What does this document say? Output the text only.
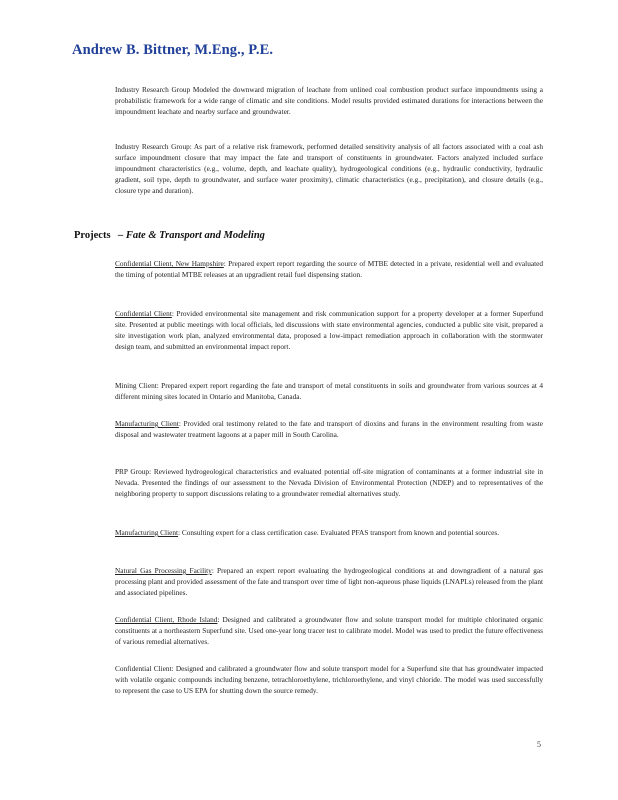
Andrew B. Bittner, M.Eng., P.E.
Industry Research Group Modeled the downward migration of leachate from unlined coal combustion product surface impoundments using a probabilistic framework for a wide range of climatic and site conditions. Model results provided estimated durations for interactions between the impoundment leachate and nearby surface and groundwater.
Industry Research Group: As part of a relative risk framework, performed detailed sensitivity analysis of all factors associated with a coal ash surface impoundment closure that may impact the fate and transport of constituents in groundwater. Factors analyzed included surface impoundment characteristics (e.g., volume, depth, and leachate quality), hydrogeological conditions (e.g., hydraulic conductivity, hydraulic gradient, soil type, depth to groundwater, and surface water proximity), climatic characteristics (e.g., precipitation), and closure details (e.g., closure type and duration).
Projects – Fate & Transport and Modeling
Confidential Client, New Hampshire: Prepared expert report regarding the source of MTBE detected in a private, residential well and evaluated the timing of potential MTBE releases at an upgradient retail fuel dispensing station.
Confidential Client: Provided environmental site management and risk communication support for a property developer at a former Superfund site. Presented at public meetings with local officials, led discussions with state environmental agencies, conducted a public site visit, prepared a site investigation work plan, analyzed environmental data, proposed a low-impact remediation approach in collaboration with the stormwater design team, and submitted an environmental impact report.
Mining Client: Prepared expert report regarding the fate and transport of metal constituents in soils and groundwater from various sources at 4 different mining sites located in Ontario and Manitoba, Canada.
Manufacturing Client: Provided oral testimony related to the fate and transport of dioxins and furans in the environment resulting from waste disposal and wastewater treatment lagoons at a paper mill in South Carolina.
PRP Group: Reviewed hydrogeological characteristics and evaluated potential off-site migration of contaminants at a former industrial site in Nevada. Presented the findings of our assessment to the Nevada Division of Environmental Protection (NDEP) and to representatives of the neighboring property to support discussions relating to a groundwater remedial alternatives study.
Manufacturing Client: Consulting expert for a class certification case. Evaluated PFAS transport from known and potential sources.
Natural Gas Processing Facility: Prepared an expert report evaluating the hydrogeological conditions at and downgradient of a natural gas processing plant and provided assessment of the fate and transport over time of light non-aqueous phase liquids (LNAPLs) released from the plant and associated pipelines.
Confidential Client, Rhode Island: Designed and calibrated a groundwater flow and solute transport model for multiple chlorinated organic constituents at a northeastern Superfund site. Used one-year long tracer test to calibrate model. Model was used to predict the future effectiveness of various remedial alternatives.
Confidential Client: Designed and calibrated a groundwater flow and solute transport model for a Superfund site that has groundwater impacted with volatile organic compounds including benzene, tetrachloroethylene, trichloroethylene, and vinyl chloride. The model was used successfully to represent the case to US EPA for shutting down the source remedy.
5
